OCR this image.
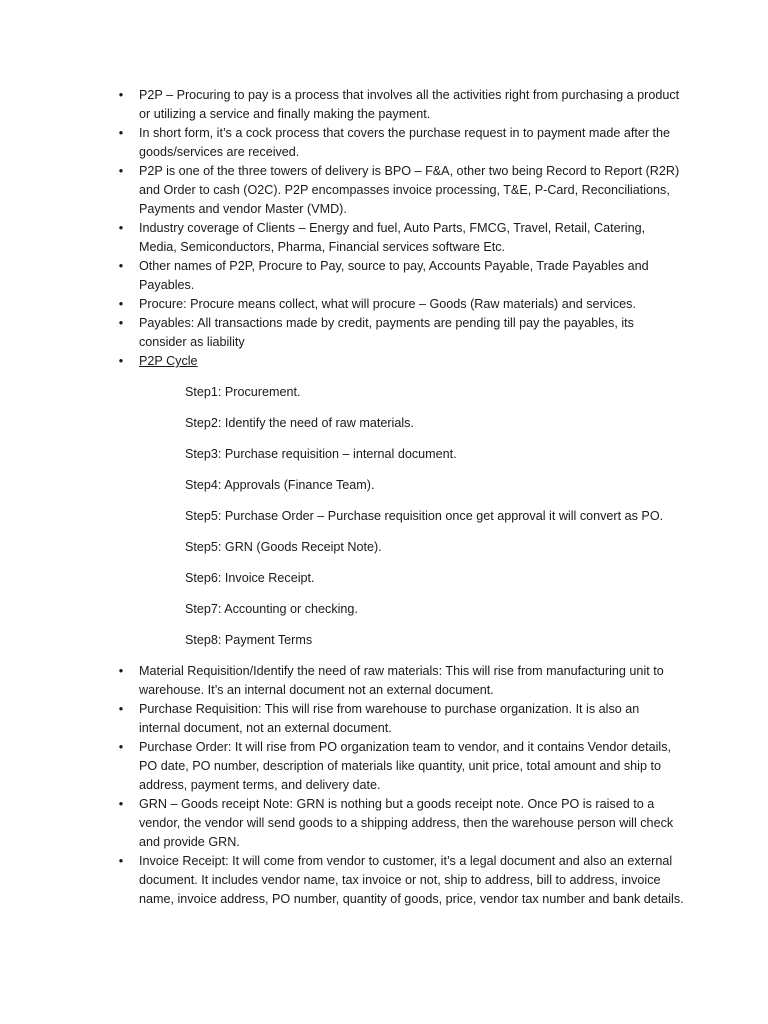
•	P2P – Procuring to pay is a process that involves all the activities right from purchasing a product or utilizing a service and finally making the payment.
•	In short form, it’s a cock process that covers the purchase request in to payment made after the goods/services are received.
•	P2P is one of the three towers of delivery is BPO – F&A, other two being Record to Report (R2R) and Order to cash (O2C). P2P encompasses invoice processing, T&E, P-Card, Reconciliations, Payments and vendor Master (VMD).
•	Industry coverage of Clients – Energy and fuel, Auto Parts, FMCG, Travel, Retail, Catering, Media, Semiconductors, Pharma, Financial services software Etc.
•	Other names of P2P, Procure to Pay, source to pay, Accounts Payable, Trade Payables and Payables.
•	Procure: Procure means collect, what will procure – Goods (Raw materials) and services.
•	Payables: All transactions made by credit, payments are pending till pay the payables, its consider as liability
•	P2P Cycle
Step1: Procurement.
Step2: Identify the need of raw materials.
Step3: Purchase requisition – internal document.
Step4: Approvals (Finance Team).
Step5: Purchase Order – Purchase requisition once get approval it will convert as PO.
Step5: GRN (Goods Receipt Note).
Step6: Invoice Receipt.
Step7: Accounting or checking.
Step8: Payment Terms
•	Material Requisition/Identify the need of raw materials: This will rise from manufacturing unit to warehouse. It’s an internal document not an external document.
•	Purchase Requisition: This will rise from warehouse to purchase organization. It is also an internal document, not an external document.
•	Purchase Order: It will rise from PO organization team to vendor, and it contains Vendor details, PO date, PO number, description of materials like quantity, unit price, total amount and ship to address, payment terms, and delivery date.
•	GRN – Goods receipt Note: GRN is nothing but a goods receipt note. Once PO is raised to a vendor, the vendor will send goods to a shipping address, then the warehouse person will check and provide GRN.
•	Invoice Receipt: It will come from vendor to customer, it’s a legal document and also an external document. It includes vendor name, tax invoice or not, ship to address, bill to address, invoice name, invoice address, PO number, quantity of goods, price, vendor tax number and bank details.
